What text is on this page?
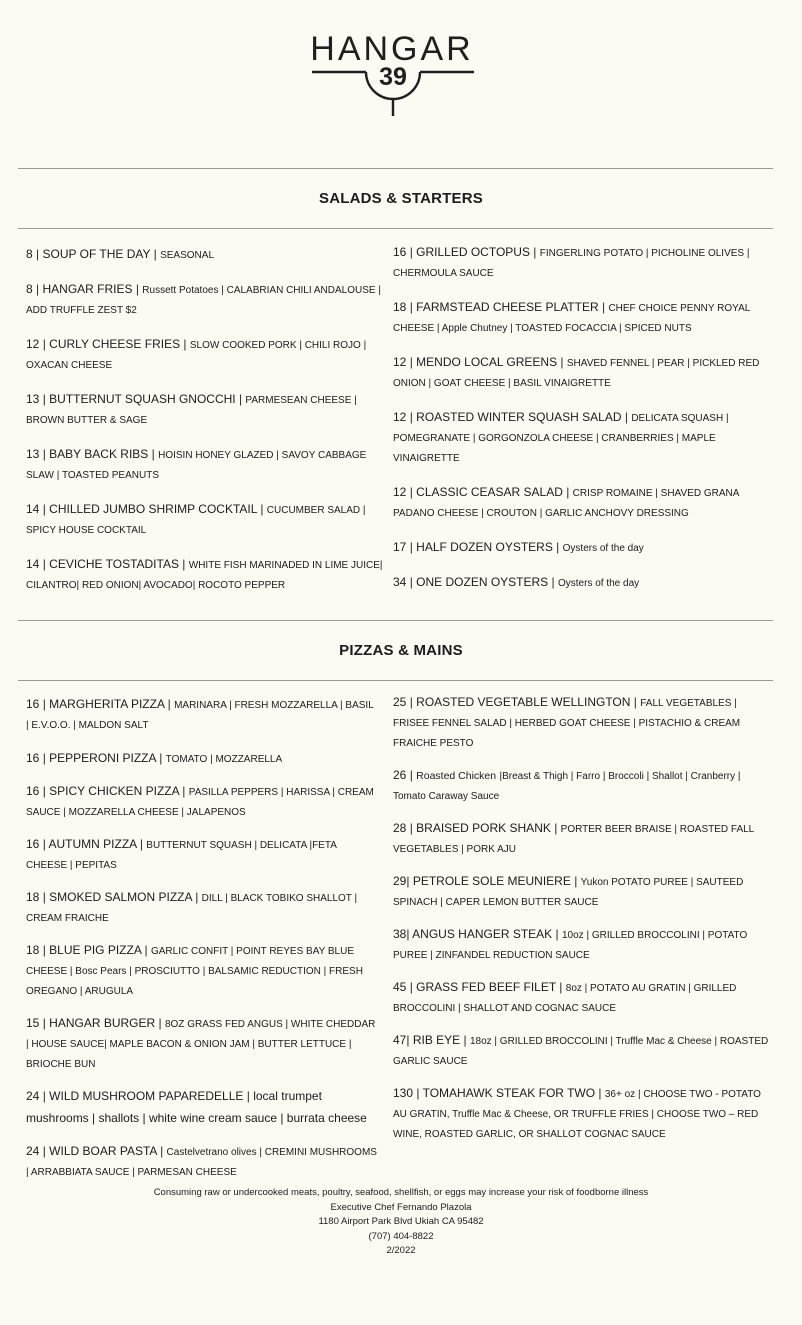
HANGAR
39
SALADS & STARTERS

8 | SOUP OF THE DAY | SEASONAL

8 | HANGAR FRIES | Russett Potatoes | CALABRIAN CHILI ANDALOUSE | ADD TRUFFLE ZEST $2

12 | CURLY CHEESE FRIES | SLOW COOKED PORK | CHILI ROJO | OXACAN CHEESE

13 | BUTTERNUT SQUASH GNOCCHI | PARMESEAN CHEESE | BROWN BUTTER & SAGE

13 | BABY BACK RIBS | HOISIN HONEY GLAZED | SAVOY CABBAGE SLAW | TOASTED PEANUTS

14 | CHILLED JUMBO SHRIMP COCKTAIL | CUCUMBER SALAD | SPICY HOUSE COCKTAIL

14 | CEVICHE TOSTADITAS | WHITE FISH MARINADED IN LIME JUICE| CILANTRO| RED ONION| AVOCADO| ROCOTO PEPPER

16 | GRILLED OCTOPUS | FINGERLING POTATO | PICHOLINE OLIVES | CHERMOULA SAUCE

18 | FARMSTEAD CHEESE PLATTER | CHEF CHOICE PENNY ROYAL CHEESE | Apple Chutney | TOASTED FOCACCIA | SPICED NUTS

12 | MENDO LOCAL GREENS | SHAVED FENNEL | PEAR | PICKLED RED ONION | GOAT CHEESE | BASIL VINAIGRETTE

12 | ROASTED WINTER SQUASH SALAD | DELICATA SQUASH | POMEGRANATE | GORGONZOLA CHEESE | CRANBERRIES | MAPLE VINAIGRETTE

12 | CLASSIC CEASAR SALAD | CRISP ROMAINE | SHAVED GRANA PADANO CHEESE | CROUTON | GARLIC ANCHOVY DRESSING

17 | HALF DOZEN OYSTERS | Oysters of the day

34 | ONE DOZEN OYSTERS | Oysters of the day

PIZZAS & MAINS

16 | MARGHERITA PIZZA | MARINARA | FRESH MOZZARELLA | BASIL | E.V.O.O. | MALDON SALT

16 | PEPPERONI PIZZA | TOMATO | MOZZARELLA

16 | SPICY CHICKEN PIZZA | PASILLA PEPPERS | HARISSA | CREAM SAUCE | MOZZARELLA CHEESE | JALAPENOS

16 | AUTUMN PIZZA | BUTTERNUT SQUASH | DELICATA |FETA CHEESE | PEPITAS

18 | SMOKED SALMON PIZZA | DILL | BLACK TOBIKO SHALLOT | CREAM FRAICHE

18 | BLUE PIG PIZZA | GARLIC CONFIT | POINT REYES BAY BLUE CHEESE | Bosc Pears | PROSCIUTTO | BALSAMIC REDUCTION | FRESH OREGANO | ARUGULA

15 | HANGAR BURGER | 8OZ GRASS FED ANGUS | WHITE CHEDDAR | HOUSE SAUCE| MAPLE BACON & ONION JAM | BUTTER LETTUCE | BRIOCHE BUN

24 | WILD MUSHROOM PAPAREDELLE | local trumpet mushrooms | shallots | white wine cream sauce | burrata cheese

24 | WILD BOAR PASTA | Castelvetrano olives | CREMINI MUSHROOMS | ARRABBIATA SAUCE | PARMESAN CHEESE

25 | ROASTED VEGETABLE WELLINGTON | FALL VEGETABLES | FRISEE FENNEL SALAD | HERBED GOAT CHEESE | PISTACHIO & CREAM FRAICHE PESTO

26 | Roasted Chicken |Breast & Thigh | Farro | Broccoli | Shallot | Cranberry | Tomato Caraway Sauce

28 | BRAISED PORK SHANK | PORTER BEER BRAISE | ROASTED FALL VEGETABLES | PORK AJU

29| PETROLE SOLE MEUNIERE | Yukon POTATO PUREE | SAUTEED SPINACH | CAPER LEMON BUTTER SAUCE

38| ANGUS HANGER STEAK | 10oz | GRILLED BROCCOLINI | POTATO PUREE | ZINFANDEL REDUCTION SAUCE

45 | GRASS FED BEEF FILET | 8oz | POTATO AU GRATIN | GRILLED BROCCOLINI | SHALLOT AND COGNAC SAUCE

47| RIB EYE | 18oz | GRILLED BROCCOLINI | Truffle Mac & Cheese | ROASTED GARLIC SAUCE

130 | TOMAHAWK STEAK FOR TWO | 36+ oz | CHOOSE TWO - POTATO AU GRATIN, Truffle Mac & Cheese, OR TRUFFLE FRIES | CHOOSE TWO – RED WINE, ROASTED GARLIC, OR SHALLOT COGNAC SAUCE

Consuming raw or undercooked meats, poultry, seafood, shellfish, or eggs may increase your risk of foodborne illness
Executive Chef Fernando Plazola
1180 Airport Park Blvd Ukiah CA 95482
(707) 404-8822
2/2022
